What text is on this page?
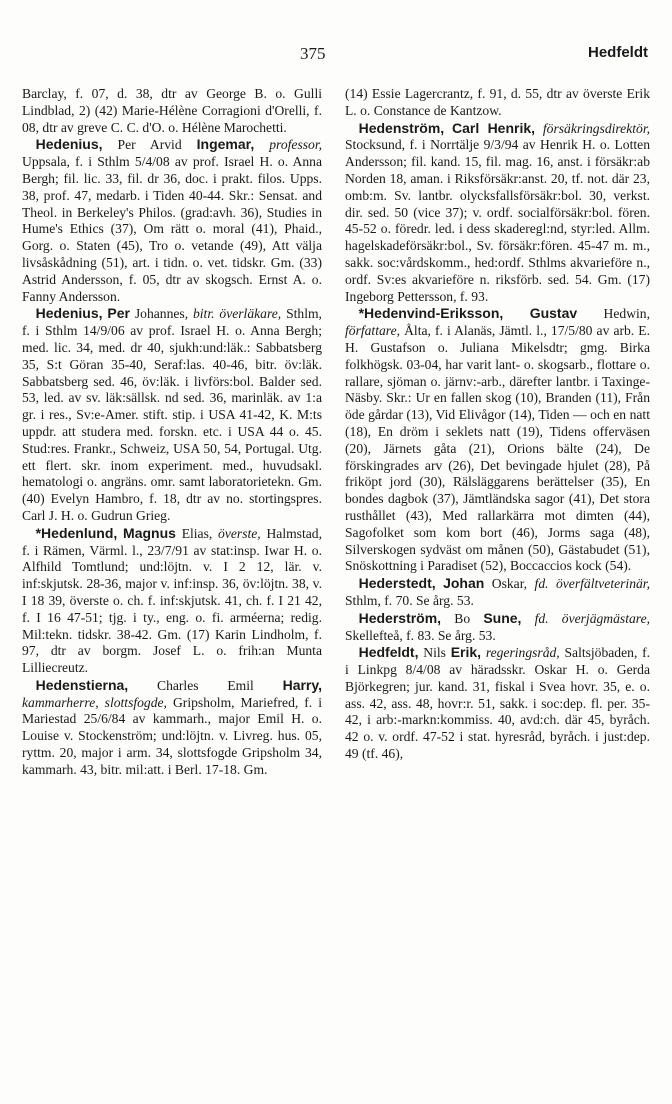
375	Hedfeldt

Barclay, f. 07, d. 38, dtr av George B. o. Gulli Lindblad, 2) (42) Marie-Hélène Corragioni d'Orelli, f. 08, dtr av greve C. C. d'O. o. Hélène Marochetti.

Hedenius, Per Arvid Ingemar, professor, Uppsala, f. i Sthlm 5/4/08 av prof. Israel H. o. Anna Bergh; fil. lic. 33, fil. dr 36, doc. i prakt. filos. Upps. 38, prof. 47, medarb. i Tiden 40-44. Skr.: Sensat. and Theol. in Berkeley's Philos. (grad:avh. 36), Studies in Hume's Ethics (37), Om rätt o. moral (41), Phaid., Gorg. o. Staten (45), Tro o. vetande (49), Att välja livsåskådning (51), art. i tidn. o. vet. tidskr. Gm. (33) Astrid Andersson, f. 05, dtr av skogsch. Ernst A. o. Fanny Andersson.

Hedenius, Per Johannes, bitr. överläkare, Sthlm, f. i Sthlm 14/9/06 av prof. Israel H. o. Anna Bergh; med. lic. 34, med. dr 40, sjukh:und:läk.: Sabbatsberg 35, S:t Göran 35-40, Seraf:las. 40-46, bitr. öv:läk. Sabbatsberg sed. 46, öv:läk. i livförs:bol. Balder sed. 53, led. av sv. läk:sällsk. nd sed. 36, marinläk. av 1:a gr. i res., Sv:e-Amer. stift. stip. i USA 41-42, K. M:ts uppdr. att studera med. forskn. etc. i USA 44 o. 45. Stud:res. Frankr., Schweiz, USA 50, 54, Portugal. Utg. ett flert. skr. inom experiment. med., huvudsakl. hematologi o. angräns. omr. samt laboratorietekn. Gm. (40) Evelyn Hambro, f. 18, dtr av no. stortingspres. Carl J. H. o. Gudrun Grieg.

*Hedenlund, Magnus Elias, överste, Halmstad, f. i Rämen, Värml. l., 23/7/91 av stat:insp. Iwar H. o. Alfhild Tomtlund; und:löjtn. v. I 2 12, lär. v. inf:skjutsk. 28-36, major v. inf:insp. 36, öv:löjtn. 38, v. I 18 39, överste o. ch. f. inf:skjutsk. 41, ch. f. I 21 42, f. I 16 47-51; tjg. i ty., eng. o. fi. arméerna; redig. Mil:tekn. tidskr. 38-42. Gm. (17) Karin Lindholm, f. 97, dtr av borgm. Josef L. o. frih:an Munta Lilliecreutz.

Hedenstierna, Charles Emil Harry, kammarherre, slottsfogde, Gripsholm, Mariefred, f. i Mariestad 25/6/84 av kammarh., major Emil H. o. Louise v. Stockenström; und:löjtn. v. Livreg. hus. 05, ryttm. 20, major i arm. 34, slottsfogde Gripsholm 34, kammarh. 43, bitr. mil:att. i Berl. 17-18. Gm.

(14) Essie Lagercrantz, f. 91, d. 55, dtr av överste Erik L. o. Constance de Kantzow.

Hedenström, Carl Henrik, försäkringsdirektör, Stocksund, f. i Norrtälje 9/3/94 av Henrik H. o. Lotten Andersson; fil. kand. 15, fil. mag. 16, anst. i försäkr:ab Norden 18, aman. i Riksförsäkr:anst. 20, tf. not. där 23, omb:m. Sv. lantbr. olycksfallsförsäkr:bol. 30, verkst. dir. sed. 50 (vice 37); v. ordf. socialförsäkr:bol. fören. 45-52 o. föredr. led. i dess skaderegl:nd, styr:led. Allm. hagelskadeförsäkr:bol., Sv. försäkr:fören. 45-47 m. m., sakk. soc:vårdskomm., hed:ordf. Sthlms akvarieföre n., ordf. Sv:es akvarieföre n. riksförb. sed. 54. Gm. (17) Ingeborg Pettersson, f. 93.

*Hedenvind-Eriksson, Gustav Hedwin, författare, Ålta, f. i Alanäs, Jämtl. l., 17/5/80 av arb. E. H. Gustafson o. Juliana Mikelsdtr; gmg. Birka folkhögsk. 03-04, har varit lant- o. skogsarb., flottare o. rallare, sjöman o. järnv:-arb., därefter lantbr. i Taxinge-Näsby. Skr.: Ur en fallen skog (10), Branden (11), Från öde gårdar (13), Vid Elivågor (14), Tiden — och en natt (18), En dröm i seklets natt (19), Tidens offerväsen (20), Järnets gåta (21), Orions bälte (24), De förskingrades arv (26), Det bevingade hjulet (28), På friköpt jord (30), Rälsläggarens berättelser (35), En bondes dagbok (37), Jämtländska sagor (41), Det stora rusthållet (43), Med rallarkärra mot dimten (44), Sagofolket som kom bort (46), Jorms saga (48), Silverskogen sydväst om månen (50), Gästabudet (51), Snöskottning i Paradiset (52), Boccaccios kock (54).

Hederstedt, Johan Oskar, fd. överfältveterinär, Sthlm, f. 70. Se årg. 53.

Hederström, Bo Sune, fd. överjägmästare, Skellefteå, f. 83. Se årg. 53.

Hedfeldt, Nils Erik, regeringsråd, Saltsjöbaden, f. i Linkpg 8/4/08 av häradsskr. Oskar H. o. Gerda Björkegren; jur. kand. 31, fiskal i Svea hovr. 35, e. o. ass. 42, ass. 48, hovr:r. 51, sakk. i soc:dep. fl. per. 35-42, i arb:-markn:kommiss. 40, avd:ch. där 45, byråch. 42 o. v. ordf. 47-52 i stat. hyresråd, byråch. i just:dep. 49 (tf. 46),
